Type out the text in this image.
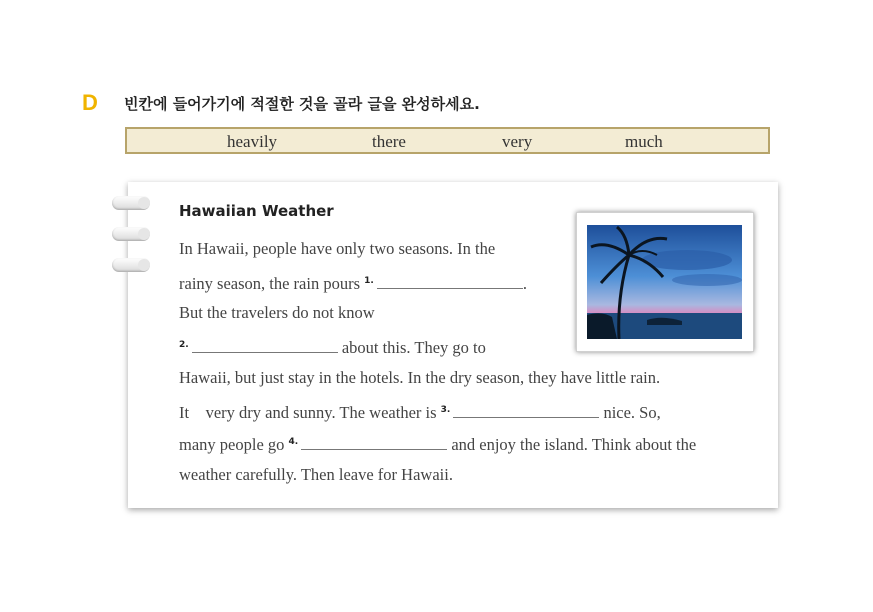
D 빈칸에 들어가기에 적절한 것을 골라 글을 완성하세요.
heavily	there	very	much
Hawaiian Weather
In Hawaii, people have only two seasons. In the
rainy season, the rain pours $^{1.}$	.
But the travelers do not know
$^{2.}$	about this. They go to
Hawaii, but just stay in the hotels. In the dry season, they have little rain.
It    very dry and sunny. The weather is $^{3.}$	nice. So,
many people go $^{4.}$	and enjoy the island. Think about the
weather carefully. Then leave for Hawaii.
